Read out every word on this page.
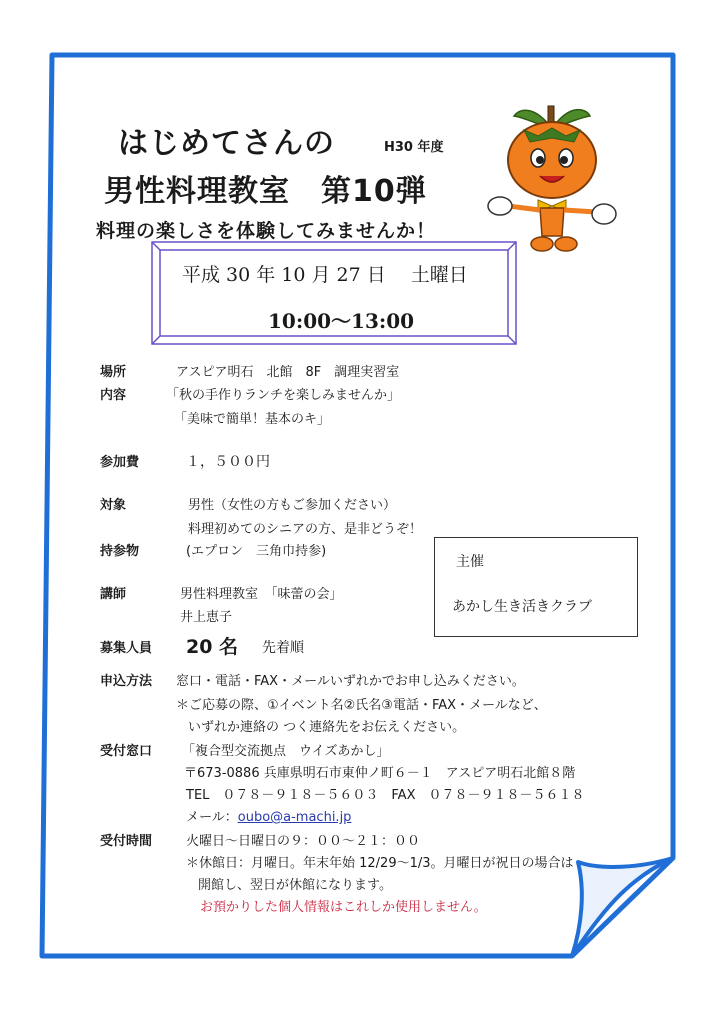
はじめてさんの	H30 年度
男性料理教室　第10弾
料理の楽しさを体験してみませんか！
平成 30 年 10 月 27 日　 土曜日
10:00～13:00
場所	アスピア明石　北館　8F　調理実習室
内容	「秋の手作りランチを楽しみませんか」
「美味で簡単！基本のキ」
参加費	１，５００円
対象	男性（女性の方もご参加ください）
料理初めてのシニアの方、是非どうぞ！
持参物	(エプロン　三角巾持参)
主催
あかし生き活きクラブ
講師	男性料理教室　「味蕾の会」
井上恵子
募集人員 20 名 先着順
申込方法 窓口・電話・FAX・メールいずれかでお申し込みください。
＊ご応募の際、①イベント名②氏名③電話・FAX・メールなど、
いずれか連絡の つく連絡先をお伝えください。
受付窓口 「複合型交流拠点　ウイズあかし」
〒673-0886 兵庫県明石市東仲ノ町６－１　アスピア明石北館８階
TEL　０７８－９１８－５６０３　FAX　０７８－９１８－５６１８
メール：oubo@a-machi.jp
受付時間	火曜日～日曜日の９：００～２１：００
＊休館日：月曜日。年末年始 12/29～1/3。月曜日が祝日の場合は
開館し、翌日が休館になります。
お預かりした個人情報はこれしか使用しません。
